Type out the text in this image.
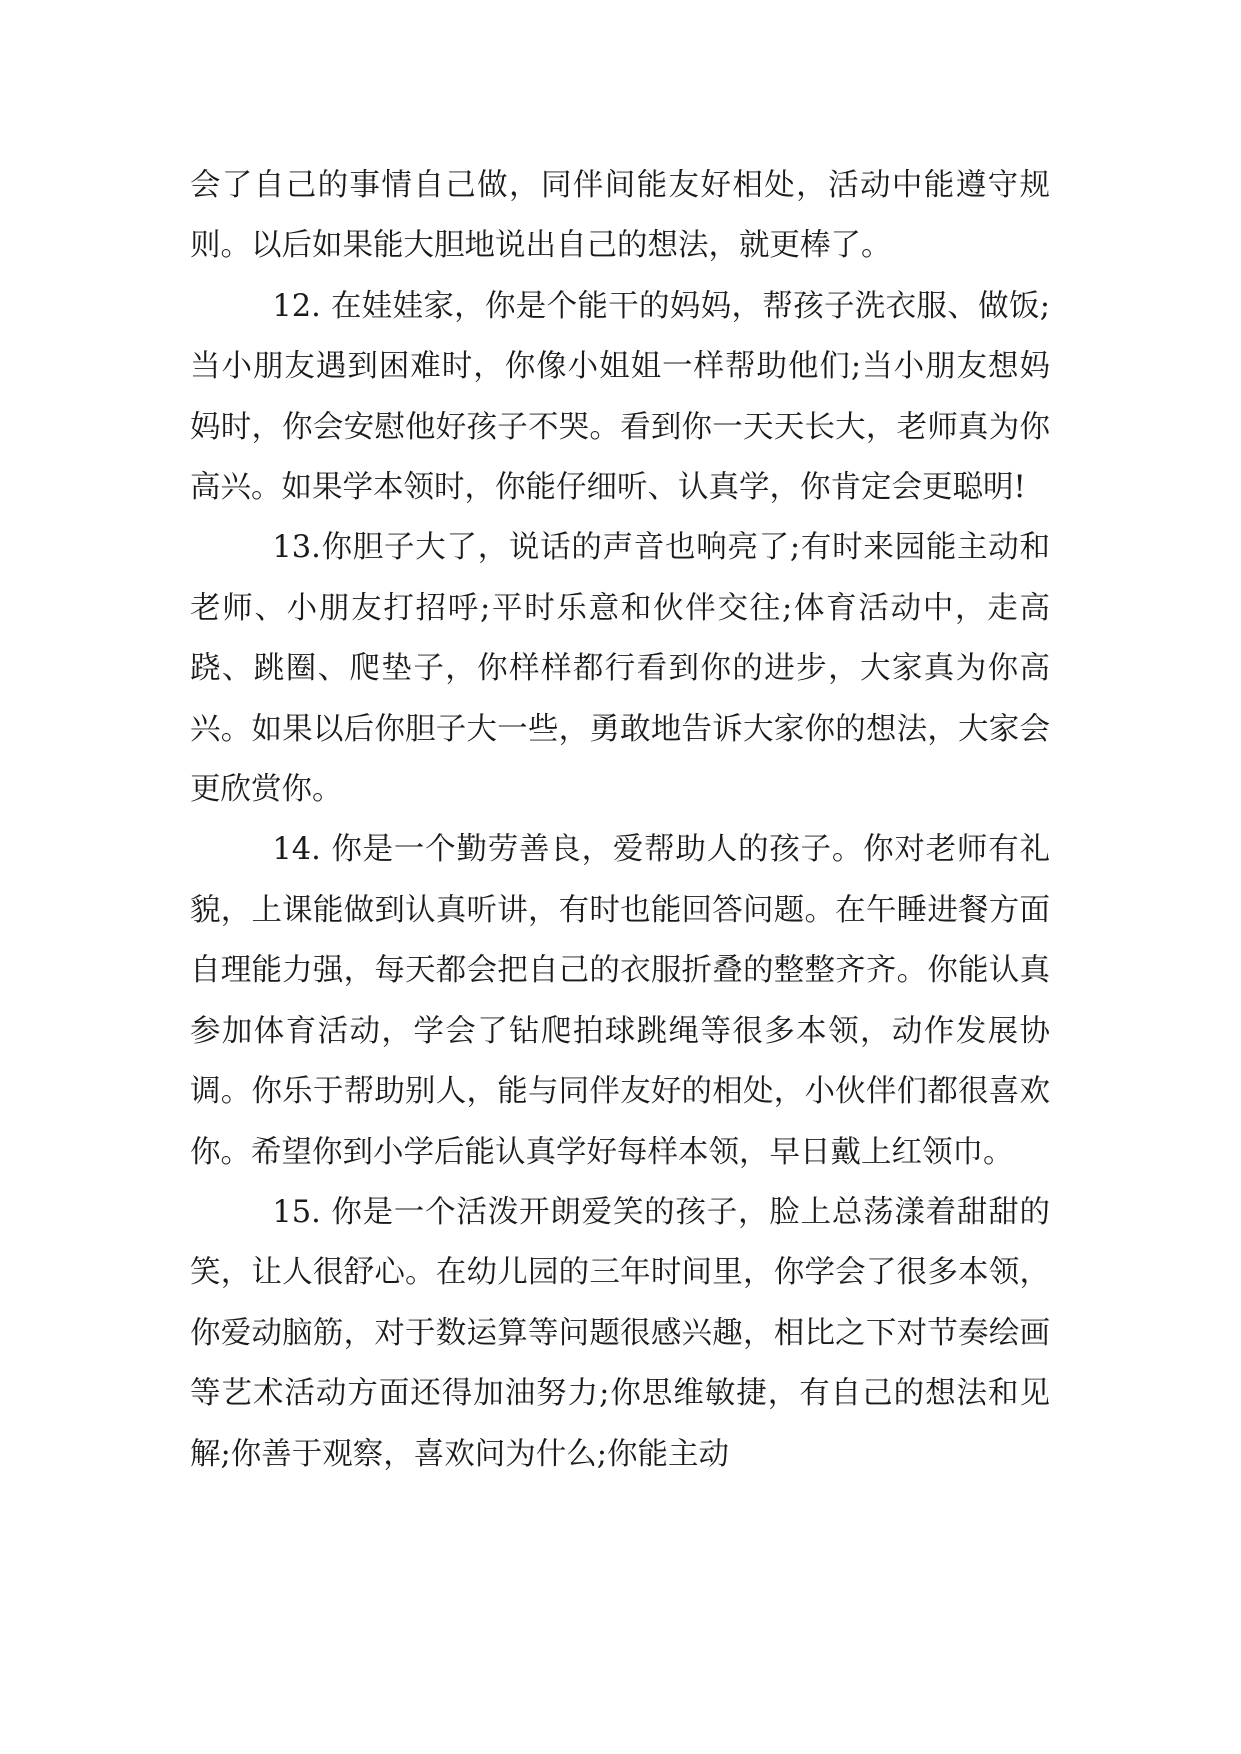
会了自己的事情自己做，同伴间能友好相处，活动中能遵守规则。以后如果能大胆地说出自己的想法，就更棒了。

12. 在娃娃家，你是个能干的妈妈，帮孩子洗衣服、做饭;当小朋友遇到困难时，你像小姐姐一样帮助他们;当小朋友想妈妈时，你会安慰他好孩子不哭。看到你一天天长大，老师真为你高兴。如果学本领时，你能仔细听、认真学，你肯定会更聪明!

13.你胆子大了，说话的声音也响亮了;有时来园能主动和老师、小朋友打招呼;平时乐意和伙伴交往;体育活动中，走高跷、跳圈、爬垫子，你样样都行看到你的进步，大家真为你高兴。如果以后你胆子大一些，勇敢地告诉大家你的想法，大家会更欣赏你。

14. 你是一个勤劳善良，爱帮助人的孩子。你对老师有礼貌，上课能做到认真听讲，有时也能回答问题。在午睡进餐方面自理能力强，每天都会把自己的衣服折叠的整整齐齐。你能认真参加体育活动，学会了钻爬拍球跳绳等很多本领，动作发展协调。你乐于帮助别人，能与同伴友好的相处，小伙伴们都很喜欢你。希望你到小学后能认真学好每样本领，早日戴上红领巾。

15. 你是一个活泼开朗爱笑的孩子，脸上总荡漾着甜甜的笑，让人很舒心。在幼儿园的三年时间里，你学会了很多本领，你爱动脑筋，对于数运算等问题很感兴趣，相比之下对节奏绘画等艺术活动方面还得加油努力;你思维敏捷，有自己的想法和见解;你善于观察，喜欢问为什么;你能主动
